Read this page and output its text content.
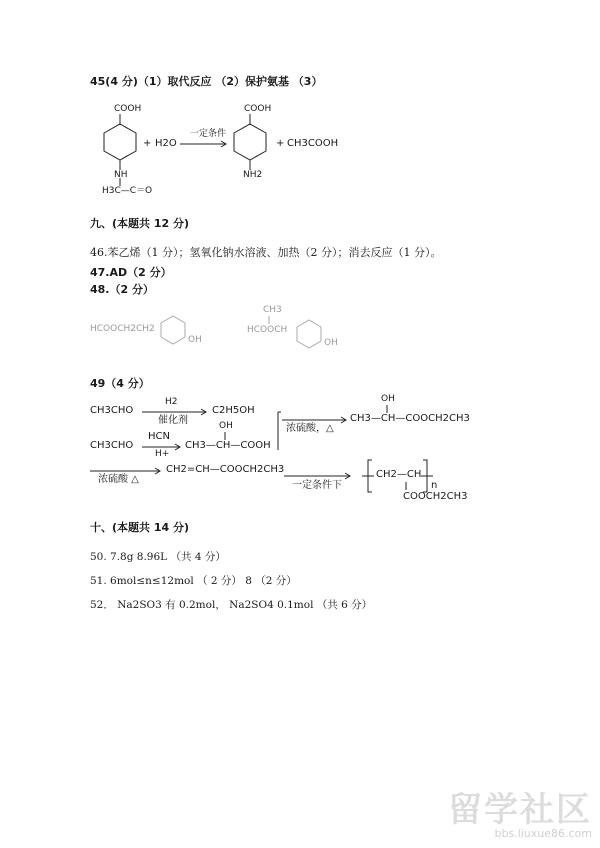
45(4 分)（1）取代反应 （2）保护氨基 （3）
COOH
NH
H3C—C＝O
+ H2O
一定条件
COOH
NH2
+ CH3COOH
九、(本题共 12 分)
46.苯乙烯（1 分）；氢氧化钠水溶液、加热（2 分）；消去反应（1 分）。
47.AD（2 分）
48.（2 分）
HCOOCH2CH2
OH
CH3
HCOOCH
OH
49（4 分）
CH3CHO
H2
催化剂
C2H5OH
CH3CHO
HCN
H+
OH
CH3—CH—COOH
浓硫酸，△
OH
CH3—CH—COOCH2CH3
浓硫酸 △
CH2=CH—COOCH2CH3
一定条件下
CH2—CH
n
COOCH2CH3
十、(本题共 14 分)
50. 7.8g 8.96L （共 4 分）
51. 6mol≤n≤12mol （ 2 分） 8 （2 分）
52． Na2SO3 有 0.2mol， Na2SO4 0.1mol （共 6 分）
留学社区
bbs.liuxue86.com
